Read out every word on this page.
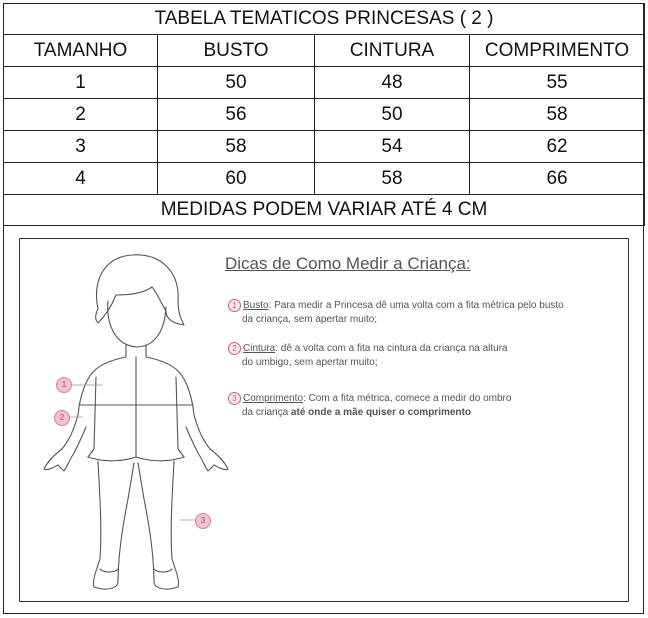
TABELA TEMATICOS PRINCESAS ( 2 )			
TAMANHO	BUSTO	CINTURA	COMPRIMENTO
1	50	48	55
2	56	50	58
3	58	54	62
4	60	58	66
MEDIDAS PODEM VARIAR ATÉ 4 CM			
1
2
3
Dicas de Como Medir a Criança:
1 Busto: Para medir a Princesa dê uma volta com a fita métrica pelo busto
da criança, sem apertar muito;
2 Cintura: dê a volta com a fita na cintura da criança na altura
do umbigo, sem apertar muito;
3 Comprimento: Com a fita métrica, comece a medir do ombro
da criança até onde a mãe quiser o comprimento
